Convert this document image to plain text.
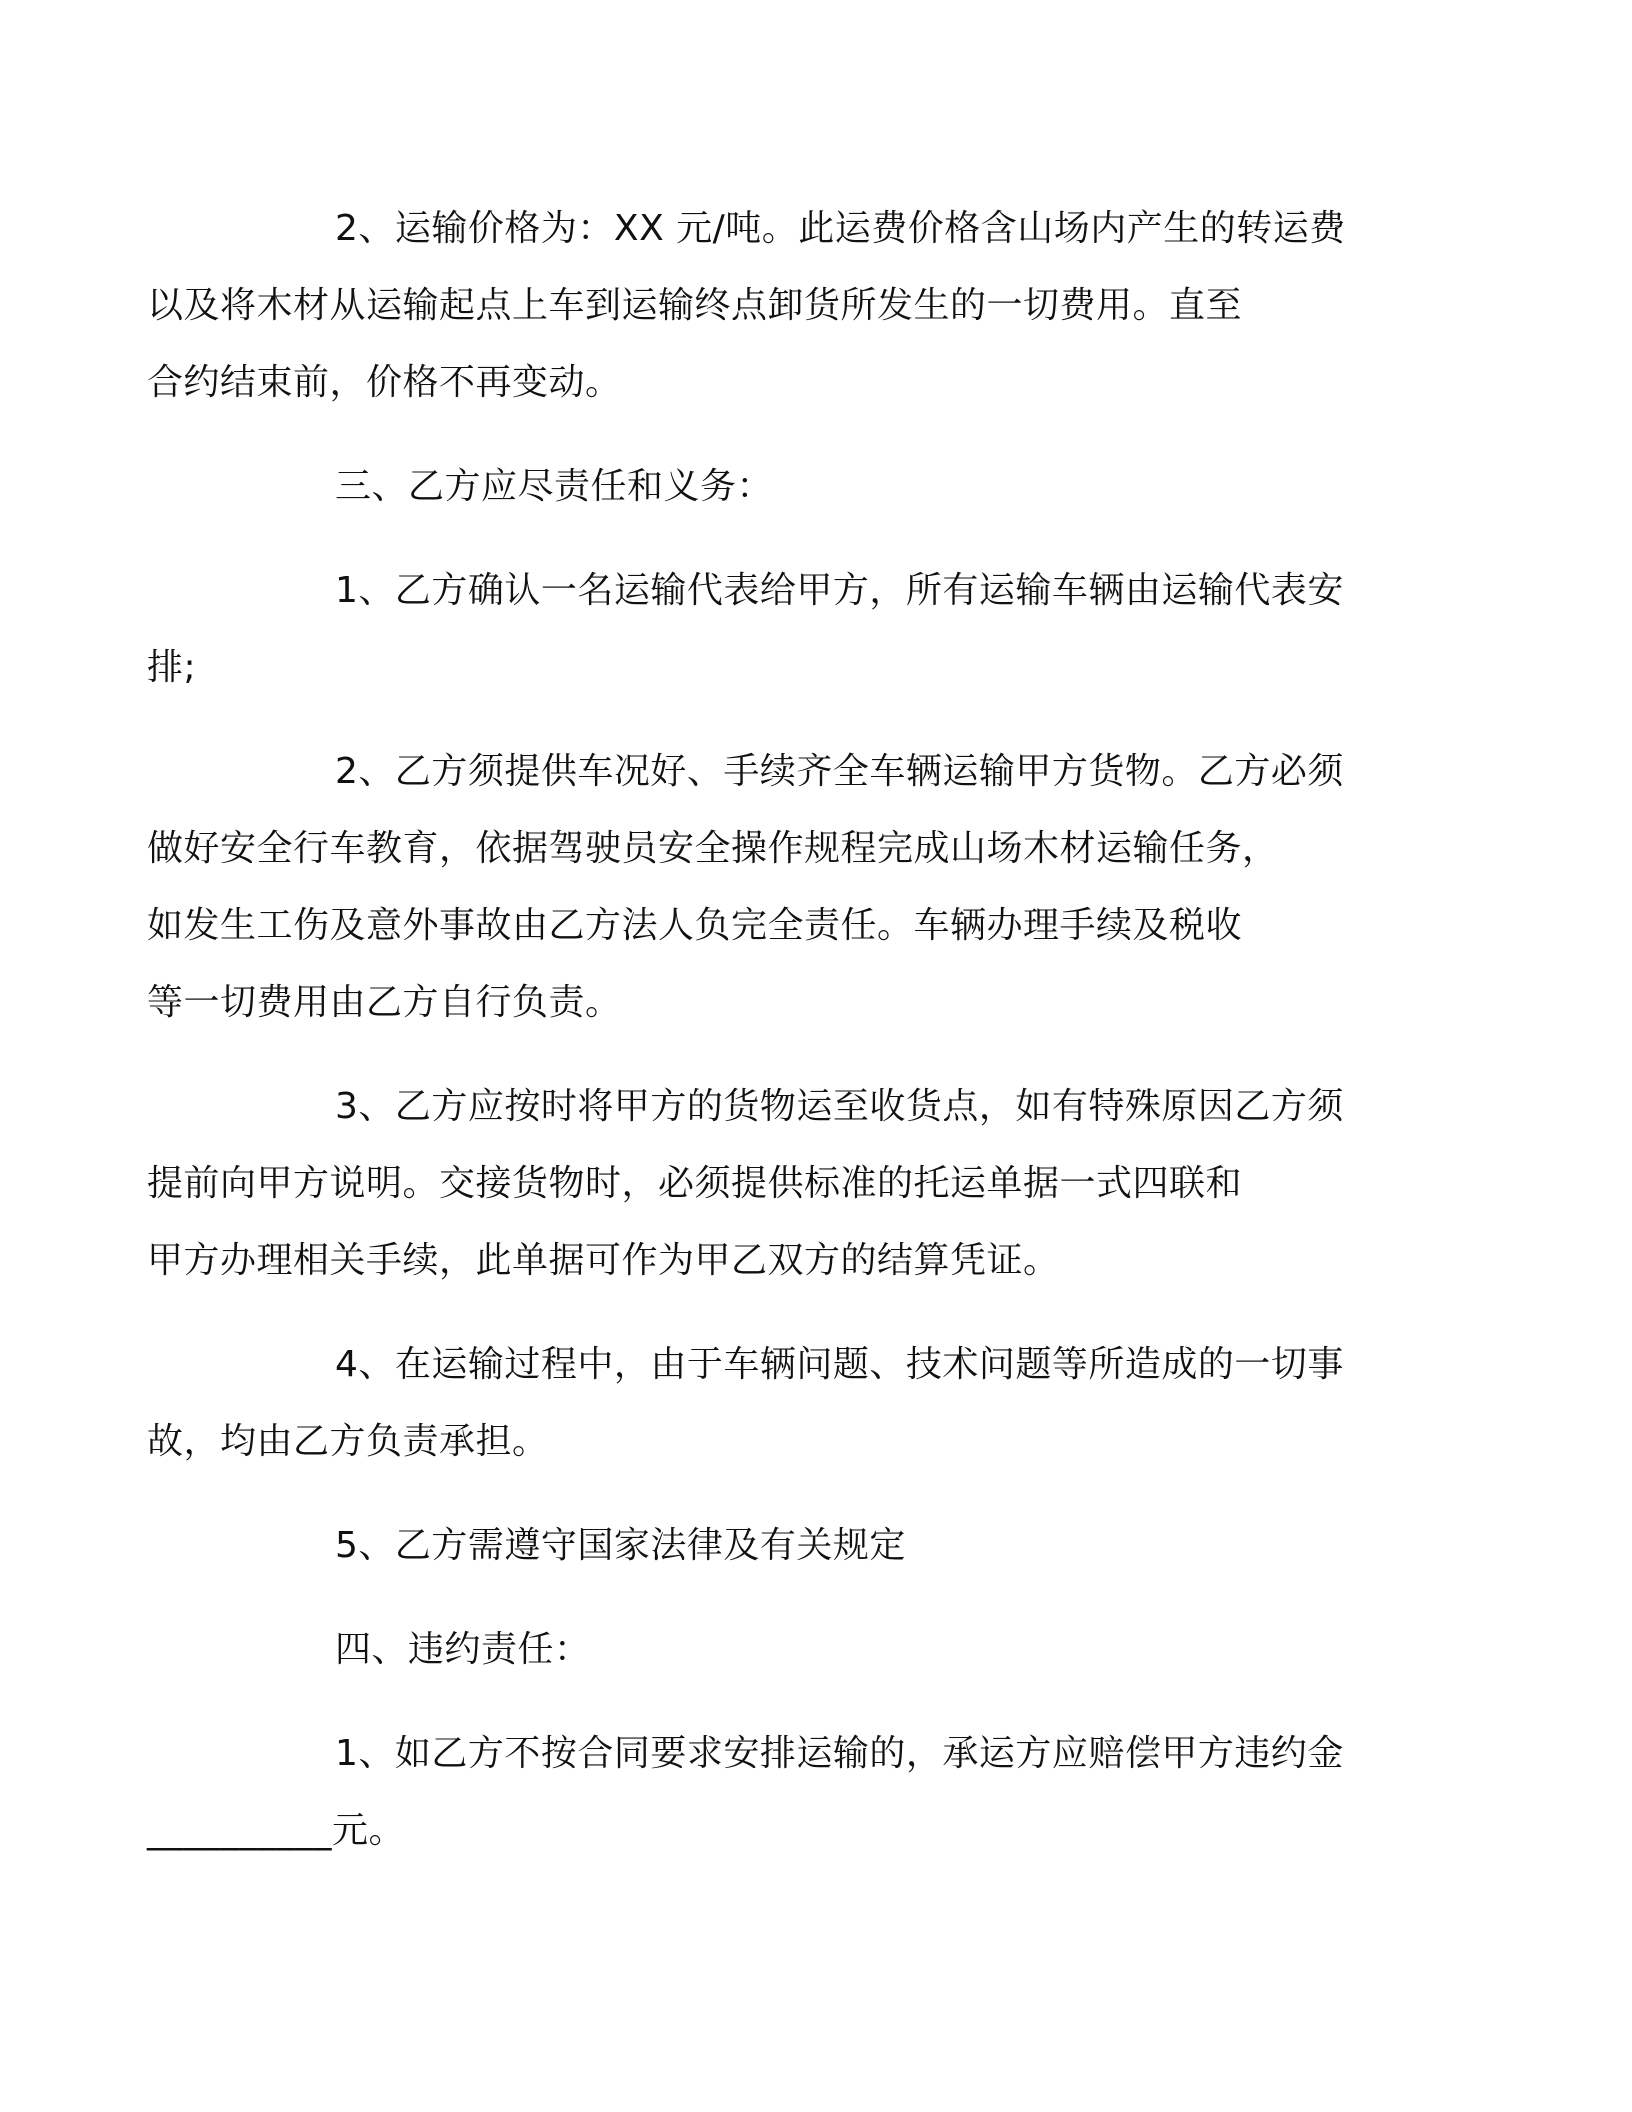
2、运输价格为：XX 元/吨。此运费价格含山场内产生的转运费
以及将木材从运输起点上车到运输终点卸货所发生的一切费用。直至
合约结束前，价格不再变动。

三、乙方应尽责任和义务：

1、乙方确认一名运输代表给甲方，所有运输车辆由运输代表安
排;

2、乙方须提供车况好、手续齐全车辆运输甲方货物。乙方必须
做好安全行车教育，依据驾驶员安全操作规程完成山场木材运输任务，
如发生工伤及意外事故由乙方法人负完全责任。车辆办理手续及税收
等一切费用由乙方自行负责。

3、乙方应按时将甲方的货物运至收货点，如有特殊原因乙方须
提前向甲方说明。交接货物时，必须提供标准的托运单据一式四联和
甲方办理相关手续，此单据可作为甲乙双方的结算凭证。

4、在运输过程中，由于车辆问题、技术问题等所造成的一切事
故，均由乙方负责承担。

5、乙方需遵守国家法律及有关规定

四、违约责任：

1、如乙方不按合同要求安排运输的，承运方应赔偿甲方违约金
__________元。
